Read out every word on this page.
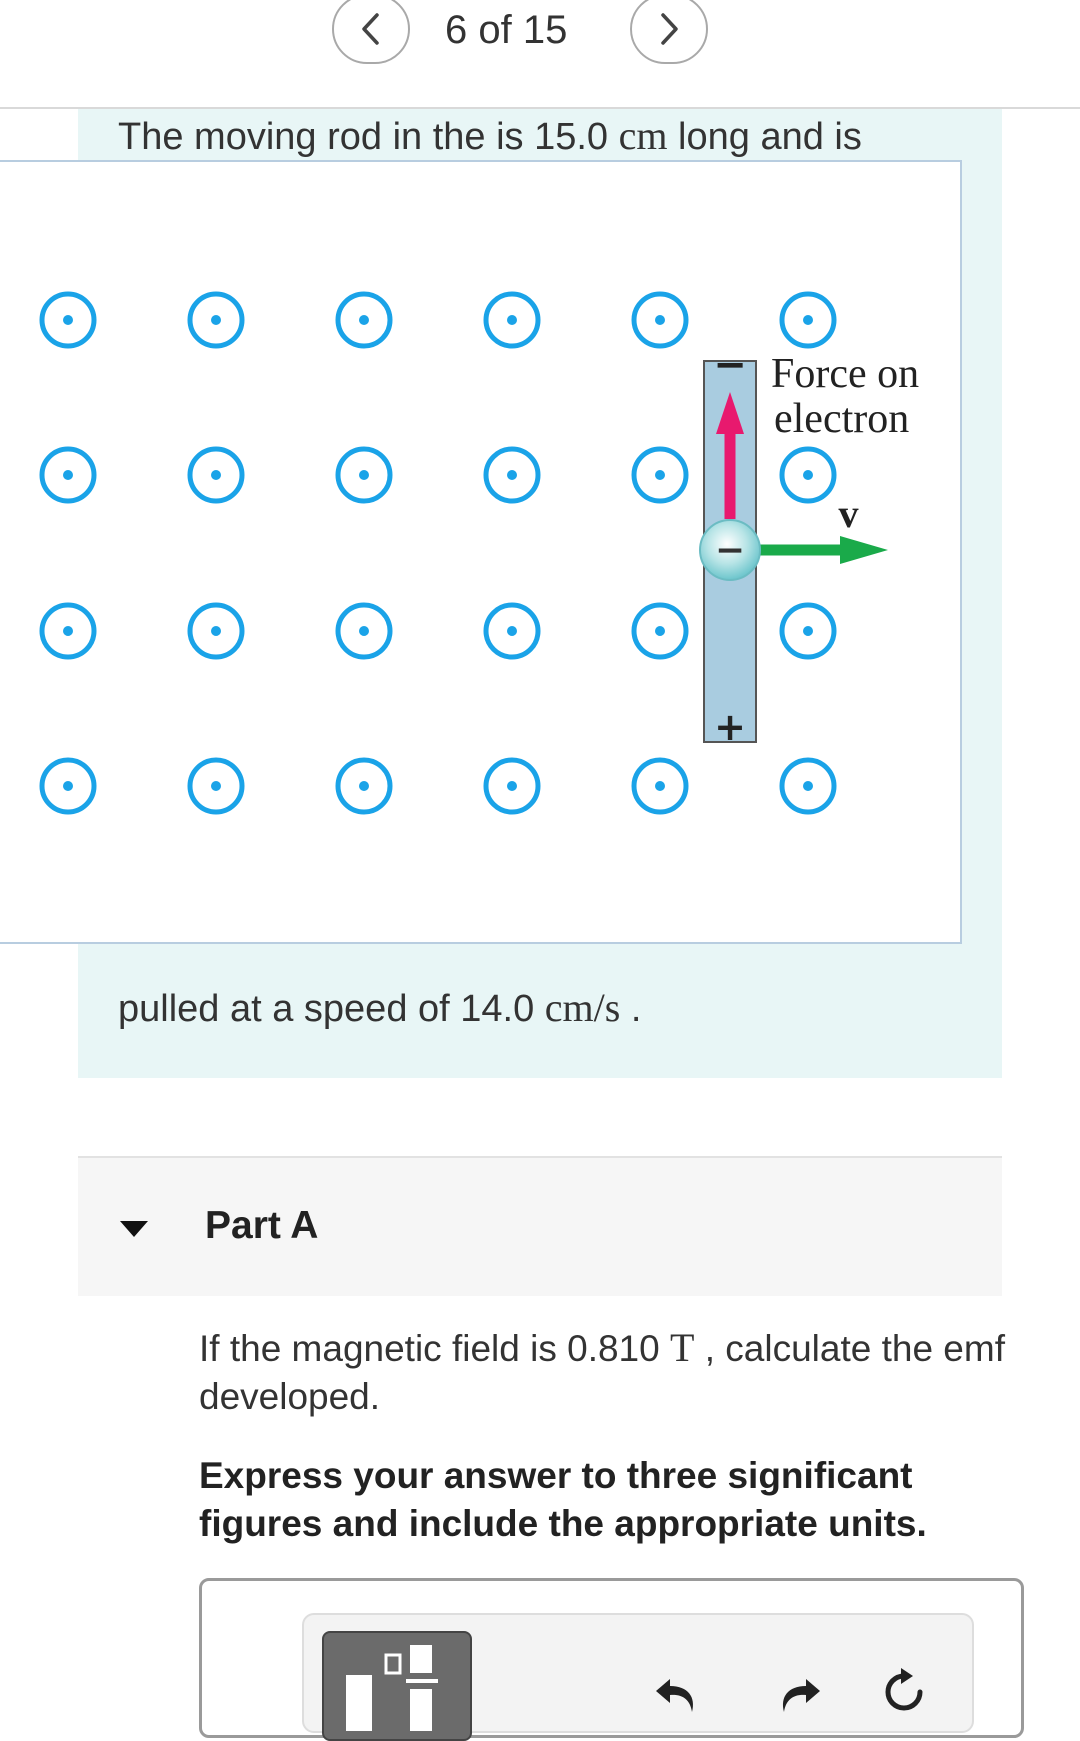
6 of 15
The moving rod in the is 15.0 cm long and is
−
+
−
Force on
electron
v⃗
pulled at a speed of 14.0 cm/s .
Part A
If the magnetic field is 0.810 T , calculate the emf developed.
Express your answer to three significant figures and include the appropriate units.
